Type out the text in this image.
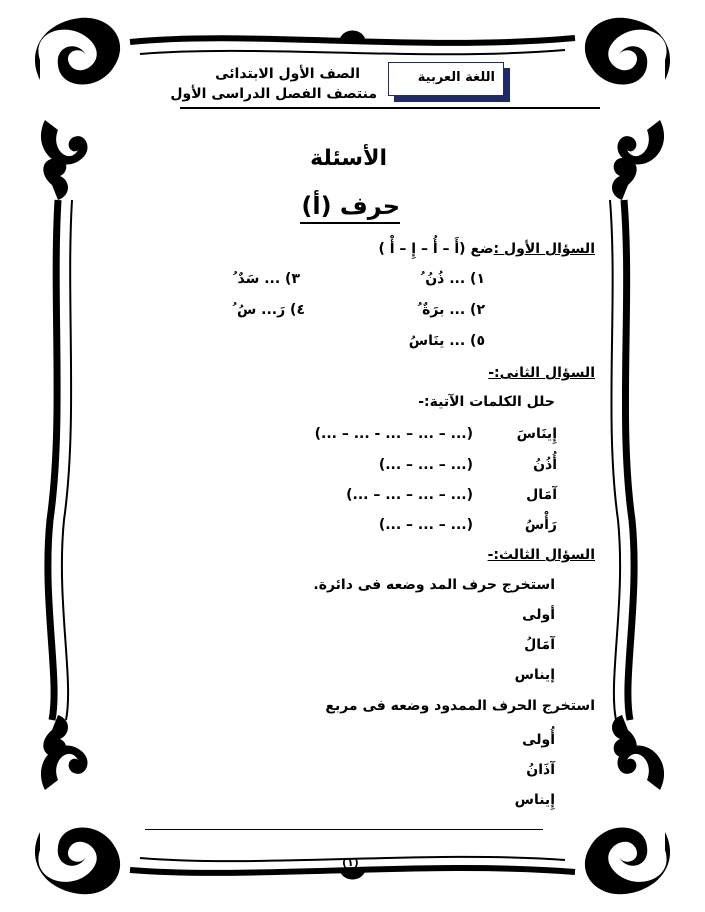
الصف الأول الابتدائى
منتصف الفصل الدراسى الأول
اللغة العربية
الأسئلة
حرف (أ)
السؤال الأول :ضع (أَ – أُ – إِ – أْ )
١) ... ذُنُ ُ
٣) ... سَدٌ ُ
٢) ... برَةٌ ُ
٤) رَ... سُ ُ
٥) ... ينَاسُ
السؤال الثانى:-
حلل الكلمات الآتية:-
إِينَاسَ
(... – ... - ... – ... – ...)
أُذُنُ
(... – ... – ...)
آمَال
(... – ... – ... – ...)
رَأْسُ
(... – ... – ...)
السؤال الثالث:-
استخرج حرف المد وضعه فى دائرة.
أولى
آمَالُ
إيناس
استخرج الحرف الممدود وضعه فى مربع
أُولى
آذَانُ
إِيناس
(١)
